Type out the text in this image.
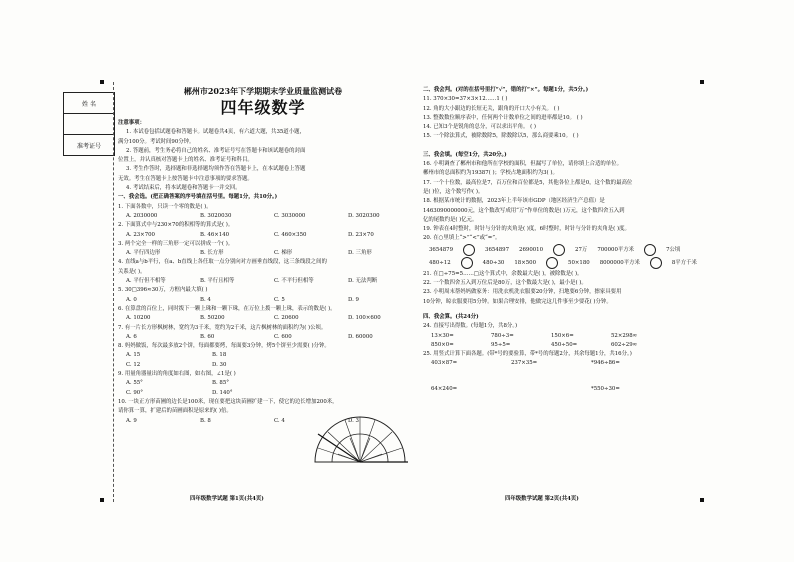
姓 名
准考证号
郴州市2023年下学期期末学业质量监测试卷
四年级数学
注意事项：
1. 本试卷包括试题卷和答题卡。试题卷共4页，有六道大题，共35道小题，
满分100分。考试时间90分钟。
2. 答题前，考生务必将自己的姓名、准考证号写在答题卡和该试题卷的封面
位置上，并认真核对答题卡上的姓名、准考证号和科目。
3. 考生作答时，选择题和非选择题均须作答在答题卡上，在本试题卷上答题
无效。考生在答题卡上按答题卡中注意事项的要求答题。
4. 考试结束后，将本试题卷和答题卡一并交回。
一、我会选。(把正确答案的序号填在括号里。每题1分，共10分。)
1. 下面各数中，只读一个零的数是( )。
A. 2030000	B. 3020030	C. 3030000	D. 3020300
2. 下面算式中与230×70的积相等的算式是( )。
A. 23×700	B. 46×140	C. 460×350	D. 23×70
3. 两个完全一样的三角形一定可以拼成一个( )。
A. 平行四边形	B. 长方形	C. 梯形	D. 三角形
4. 直线a与b平行，在a、b直线上各任取一点分别向对方画垂直线段，这三条线段之间的
关系是( )。
A. 平行但不相等	B. 平行且相等	C. 不平行但相等	D. 无法判断
5. 30□396≈30万，方框内最大填( )
A. 0	B. 4	C. 5	D. 9
6. 在算盘的百位上，同时拨下一颗上珠和一颗下珠，在万位上拨一颗上珠，表示的数是( )。
A. 10200	B. 50200	C. 20600	D. 100×600
7. 有一片长方形枫树林，宽约为3千米，宽约为2千米，这片枫树林的面积约为( )公顷。
A. 6	B. 60	C. 600	D. 60000
8. 妈妈做饭，每次最多放2个饼，每面都要烤，每面要3分钟，烤5个饼至少需要( )分钟。
A. 15	B. 18
C. 12	D. 30
9. 用量角器量出的角度如右图，如右图，∠1是( )
A. 55°	B. 85°
C. 90°	D. 140°
10. 一块正方形苗圃的边长是100米，现在要把这块苗圃扩建一下，使它的边长增加200米，
请你算一算，扩建后的苗圃面积是原来的( )倍。
A. 9	B. 8	C. 4	D. 3
四年级数学试题 第1页(共4页)
二、我会判。(对的在括号里打“√”，错的打“×”。每题1分，共5分。)
11. 370×30=37×3×12……1 ( )
12. 角的大小跟边的长短无关，跟角的开口大小有关。 ( )
13. 整数数位顺序表中，任何两个计数单位之间的进率都是10。 ( )
14. 已知3个是锐角的总分，可以求出平角。 ( )
15. 一个除法算式，被除数除5，除数除以5，那么商要乘10。 ( )
三、我会填。(每空1分，共20分。)
16. 小明调查了郴州市和他所在学校的面积，但漏写了单位，请你填上合适的单位。
郴州市的总面积约为19387( )；学校占地面积约为3( )。
17. 一个十位数，最高位是7，百万位和百位都是5，其他各位上都是0，这个数的最高位
是( )位，这个数写作( )。
18. 根据某市统计的数据，2023年上半年该市GDP（地区经济生产总值）是
1463090000000元，这个数改写成用“万”作单位的数是( )万元，这个数四舍五入到
亿的尾数约是( )亿元。
19. 钟表在4时整时，时针与分针的夹角是( )度，6时整时，时针与分针的夹角是( )度。
20. 在○里填上“>”“<”或“=”。
3654879	3654897 2690010	27万 700000平方米	7公顷
480÷12	480÷30 18×500	50×180 8000000平方米	8平方千米
21. 在□÷75=5……□这个算式中，余数最大是( )，被除数是( )。
22. 一个数四舍五入到万位后是80万，这个数最大是( )，最小是( )。
23. 小明周末帮妈妈做家务：用洗衣机洗衣服要20分钟，扫地要6分钟，擦家具要用
10分钟，晾衣服要用5分钟。如果合理安排，他做完这几件事至少要花( )分钟。
四、我会算。(共24分)
24. 直接写出得数。(每题1分，共8分。)
13×30=	780÷3=	150×6=	52×298≈
850×0=	95÷5=	450÷50=	602÷29≈
25. 用竖式计算下面各题。(带*号的要验算，带*号的每题2分，其余每题1分，共16分。)
403×87=	237×35=	*946÷86=
64×240=	*550÷30=
四年级数学试题 第2页(共4页)
